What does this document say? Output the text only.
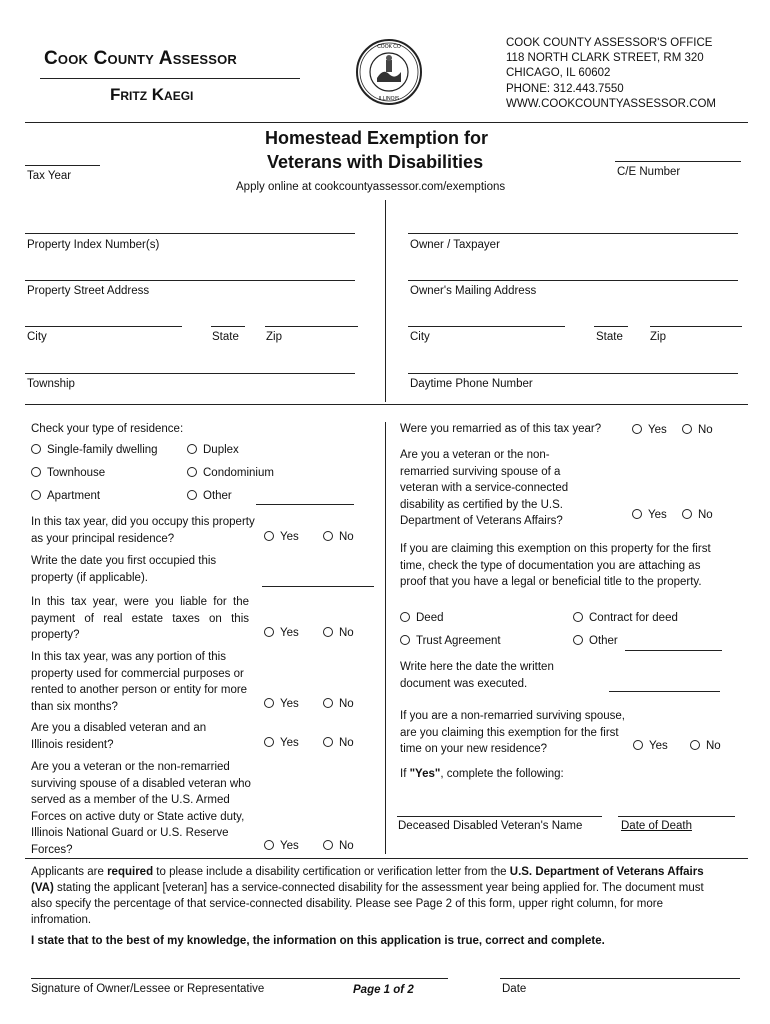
Cook County Assessor
Fritz Kaegi
COOK CO
ILLINOIS
COOK COUNTY ASSESSOR'S OFFICE
118 NORTH CLARK STREET, RM 320
CHICAGO, IL 60602
PHONE: 312.443.7550
WWW.COOKCOUNTYASSESSOR.COM
Homestead Exemption for
Veterans with Disabilities
Apply online at cookcountyassessor.com/exemptions
Tax Year	C/E Number
Property Index Number(s)
Property Street Address
City	State Zip
Township
Owner / Taxpayer
Owner's Mailing Address
City	State Zip
Daytime Phone Number
Check your type of residence:
Single-family dwelling	Duplex
Townhouse	Condominium
Apartment	Other
In this tax year, did you occupy this property as your principal residence?	Yes	No
Write the date you first occupied this property (if applicable).
In this tax year, were you liable for the payment of real estate taxes on this property?	Yes	No
In this tax year, was any portion of this property used for commercial purposes or rented to another person or entity for more than six months?	Yes	No
Are you a disabled veteran and an Illinois resident?	Yes	No
Are you a veteran or the non-remarried surviving spouse of a disabled veteran who served as a member of the U.S. Armed Forces on active duty or State active duty, Illinois National Guard or U.S. Reserve Forces?	Yes	No
Were you remarried as of this tax year?	Yes	No
Are you a veteran or the non-remarried surviving spouse of a veteran with a service-connected disability as certified by the U.S. Department of Veterans Affairs?	Yes	No
If you are claiming this exemption on this property for the first time, check the type of documentation you are attaching as proof that you have a legal or beneficial title to the property.
Deed	Contract for deed
Trust Agreement	Other
Write here the date the written document was executed.
If you are a non-remarried surviving spouse, are you claiming this exemption for the first time on your new residence?	Yes	No
If "Yes", complete the following:
Deceased Disabled Veteran's Name	Date of Death
Applicants are required to please include a disability certification or verification letter from the U.S. Department of Veterans Affairs (VA) stating the applicant [veteran] has a service-connected disability for the assessment year being applied for. The document must also specify the percentage of that service-connected disability. Please see Page 2 of this form, upper right column, for more infromation.
I state that to the best of my knowledge, the information on this application is true, correct and complete.
Signature of Owner/Lessee or Representative	Page 1 of 2	Date
